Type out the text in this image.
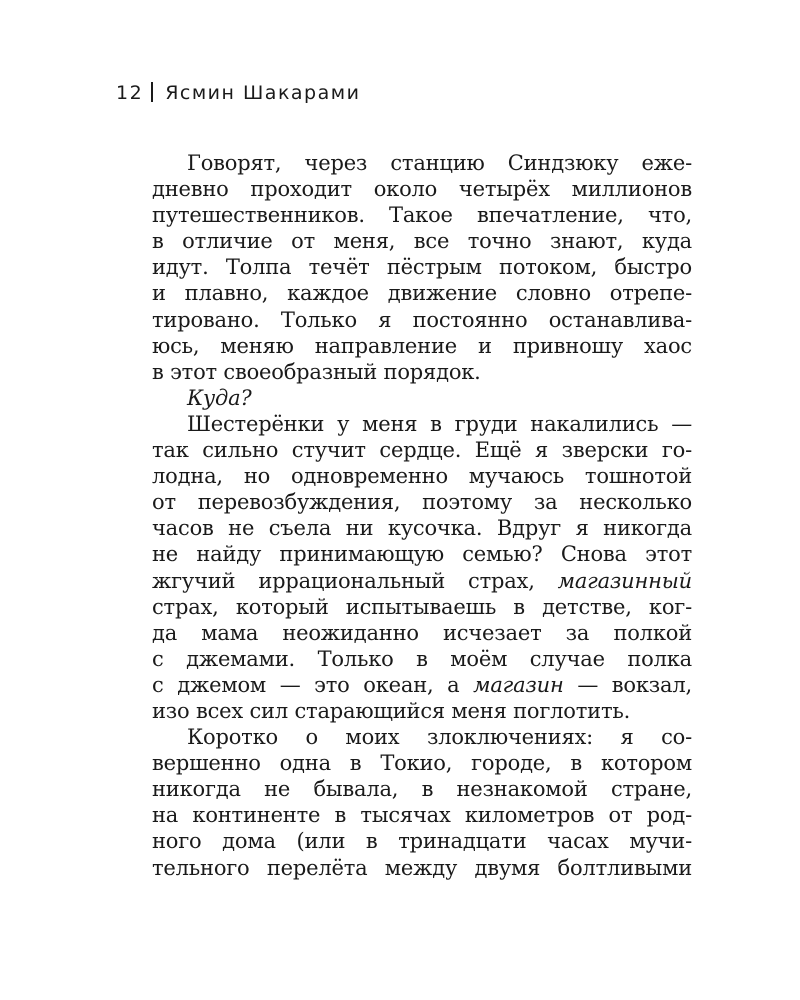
12 Ясмин Шакарами
Говорят, через станцию Синдзюку еже-
дневно проходит около четырёх миллионов
путешественников. Такое впечатление, что,
в отличие от меня, все точно знают, куда
идут. Толпа течёт пёстрым потоком, быстро
и плавно, каждое движение словно отрепе-
тировано. Только я постоянно останавлива-
юсь, меняю направление и привношу хаос
в этот своеобразный порядок.
Куда?
Шестерёнки у меня в груди накалились —
так сильно стучит сердце. Ещё я зверски го-
лодна, но одновременно мучаюсь тошнотой
от перевозбуждения, поэтому за несколько
часов не съела ни кусочка. Вдруг я никогда
не найду принимающую семью? Снова этот
жгучий иррациональный страх, магазинный
страх, который испытываешь в детстве, ког-
да мама неожиданно исчезает за полкой
с джемами. Только в моём случае полка
с джемом — это океан, а магазин — вокзал,
изо всех сил старающийся меня поглотить.
Коротко о моих злоключениях: я со-
вершенно одна в Токио, городе, в котором
никогда не бывала, в незнакомой стране,
на континенте в тысячах километров от род-
ного дома (или в тринадцати часах мучи-
тельного перелёта между двумя болтливыми
